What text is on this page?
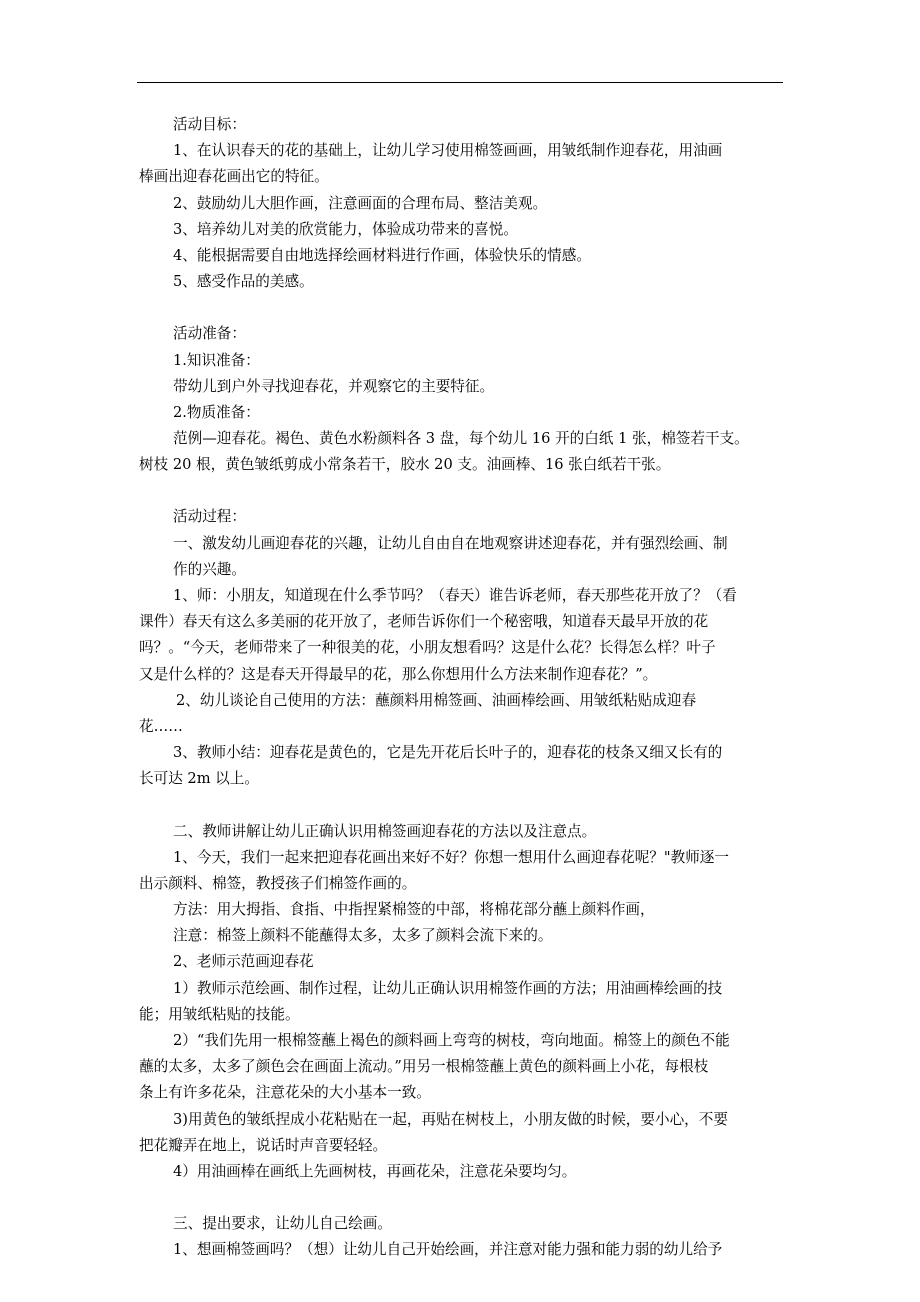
活动目标：
1、在认识春天的花的基础上，让幼儿学习使用棉签画画，用皱纸制作迎春花，用油画
棒画出迎春花画出它的特征。
2、鼓励幼儿大胆作画，注意画面的合理布局、整洁美观。
3、培养幼儿对美的欣赏能力，体验成功带来的喜悦。
4、能根据需要自由地选择绘画材料进行作画，体验快乐的情感。
5、感受作品的美感。
活动准备：
1.知识准备：
带幼儿到户外寻找迎春花，并观察它的主要特征。
2.物质准备：
范例—迎春花。褐色、黄色水粉颜料各 3 盘，每个幼儿 16 开的白纸 1 张，棉签若干支。
树枝 20 根，黄色皱纸剪成小常条若干，胶水 20 支。油画棒、16 张白纸若干张。
活动过程：
一、激发幼儿画迎春花的兴趣，让幼儿自由自在地观察讲述迎春花，并有强烈绘画、制
作的兴趣。
1、师：小朋友，知道现在什么季节吗？（春天）谁告诉老师，春天那些花开放了？（看
课件）春天有这么多美丽的花开放了，老师告诉你们一个秘密哦，知道春天最早开放的花
吗？。“今天，老师带来了一种很美的花，小朋友想看吗？这是什么花？长得怎么样？叶子
又是什么样的？这是春天开得最早的花，那么你想用什么方法来制作迎春花？”。
2、幼儿谈论自己使用的方法：蘸颜料用棉签画、油画棒绘画、用皱纸粘贴成迎春
花……
3、教师小结：迎春花是黄色的，它是先开花后长叶子的，迎春花的枝条又细又长有的
长可达 2m 以上。
二、教师讲解让幼儿正确认识用棉签画迎春花的方法以及注意点。
1、今天，我们一起来把迎春花画出来好不好？你想一想用什么画迎春花呢？"教师逐一
出示颜料、棉签，教授孩子们棉签作画的。
方法：用大拇指、食指、中指捏紧棉签的中部，将棉花部分蘸上颜料作画，
注意：棉签上颜料不能蘸得太多，太多了颜料会流下来的。
2、老师示范画迎春花
1）教师示范绘画、制作过程，让幼儿正确认识用棉签作画的方法；用油画棒绘画的技
能；用皱纸粘贴的技能。
2）“我们先用一根棉签蘸上褐色的颜料画上弯弯的树枝，弯向地面。棉签上的颜色不能
蘸的太多，太多了颜色会在画面上流动。”用另一根棉签蘸上黄色的颜料画上小花，每根枝
条上有许多花朵，注意花朵的大小基本一致。
3)用黄色的皱纸捏成小花粘贴在一起，再贴在树枝上，小朋友做的时候，要小心，不要
把花瓣弄在地上，说话时声音要轻轻。
4）用油画棒在画纸上先画树枝，再画花朵，注意花朵要均匀。
三、提出要求，让幼儿自己绘画。
1、想画棉签画吗？（想）让幼儿自己开始绘画，并注意对能力强和能力弱的幼儿给予
